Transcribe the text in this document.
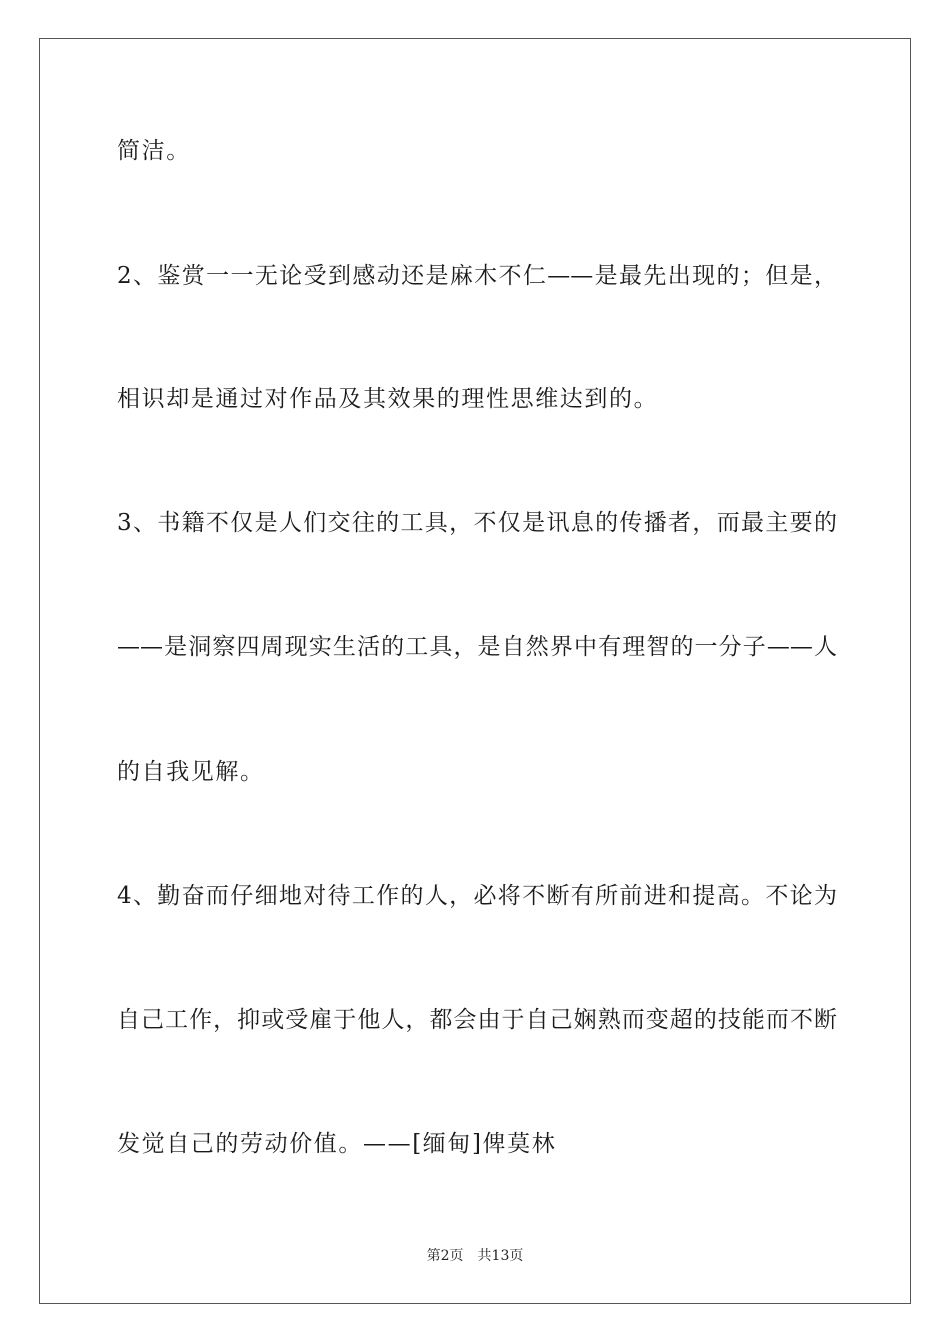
简洁。
2、鉴赏一一无论受到感动还是麻木不仁——是最先出现的；但是，
相识却是通过对作品及其效果的理性思维达到的。
3、书籍不仅是人们交往的工具，不仅是讯息的传播者，而最主要的
——是洞察四周现实生活的工具，是自然界中有理智的一分子——人
的自我见解。
4、勤奋而仔细地对待工作的人，必将不断有所前进和提高。不论为
自己工作，抑或受雇于他人，都会由于自己娴熟而变超的技能而不断
发觉自己的劳动价值。——[缅甸]俾莫林
第2页 共13页
